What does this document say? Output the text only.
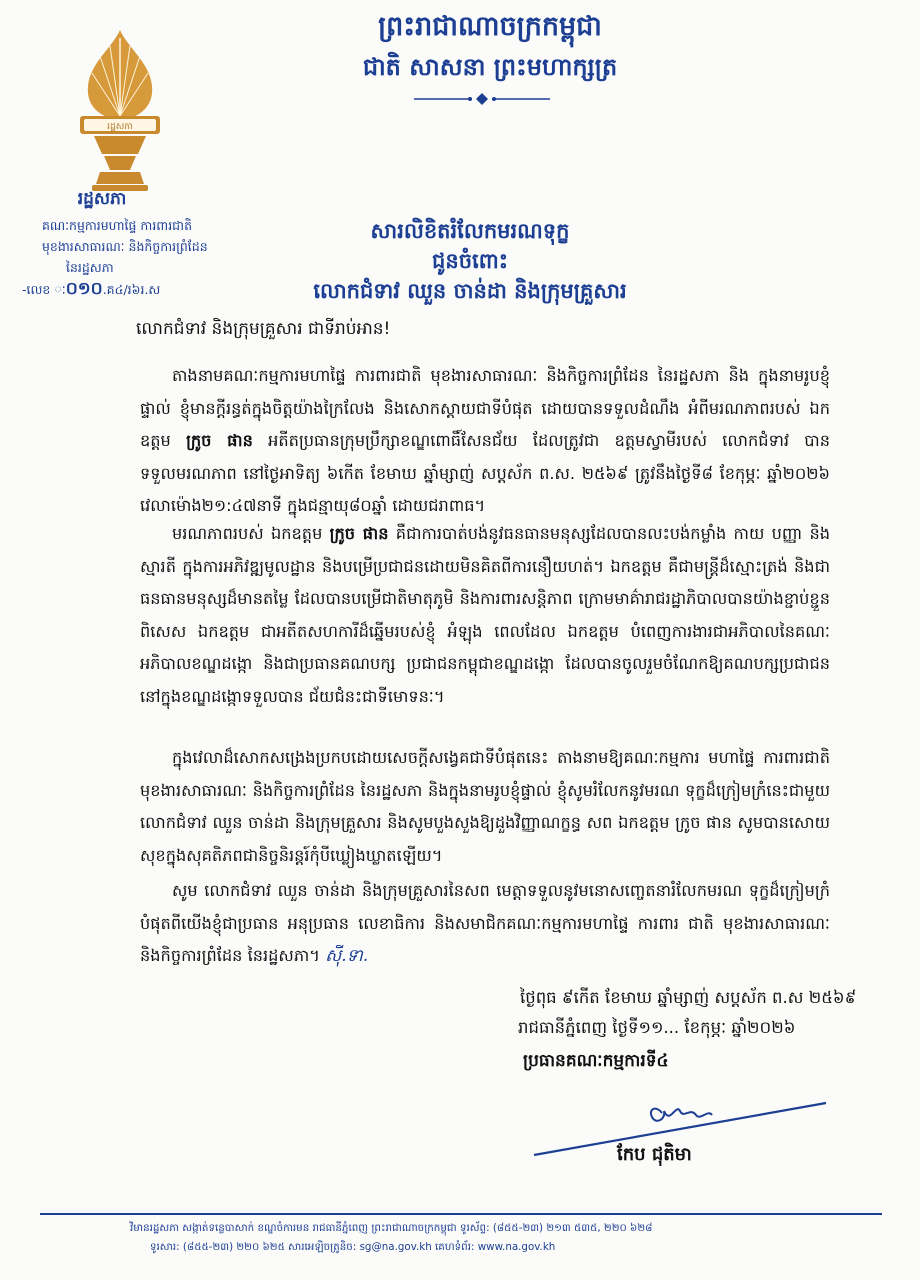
រដ្ឋសភា
ព្រះរាជាណាចក្រកម្ពុជា
ជាតិ សាសនា ព្រះមហាក្សត្រ
រដ្ឋសភា
គណៈកម្មការមហាផ្ទៃ ការពារជាតិ
មុខងារសាធារណៈ និងកិច្ចការព្រំដែន
នៃរដ្ឋសភា
-លេខ ៈ០១០.គ៤/រ៦រ.ស
សារលិខិតរំលែកមរណទុក្ខ
ជូនចំពោះ
លោកជំទាវ ឈួន ចាន់ដា និងក្រុមគ្រួសារ
លោកជំទាវ និងក្រុមគ្រួសារ ជាទីរាប់អាន!
តាងនាមគណៈកម្មការមហាផ្ទៃ ការពារជាតិ មុខងារសាធារណៈ និងកិច្ចការព្រំដែន នៃរដ្ឋសភា និង ក្នុងនាមរូបខ្ញុំផ្ទាល់ ខ្ញុំមានក្ដីរន្ធត់ក្នុងចិត្តយ៉ាងក្រៃលែង និងសោកស្ដាយជាទីបំផុត ដោយបានទទួលដំណឹង អំពីមរណភាពរបស់ ឯកឧត្តម ក្រូច ផាន អតីតប្រធានក្រុមប្រឹក្សាខណ្ឌពោធិ៍សែនជ័យ ដែលត្រូវជា ឧត្តមស្វាមីរបស់ លោកជំទាវ បានទទួលមរណភាព នៅថ្ងៃអាទិត្យ ៦កេីត ខែមាឃ ឆ្នាំម្សាញ់ សប្តស័ក ព.ស. ២៥៦៩ ត្រូវនឹងថ្ងៃទី៨ ខែកុម្ភៈ ឆ្នាំ២០២៦ វេលាម៉ោង២១:៤៧នាទី ក្នុងជន្មាយុ៨០ឆ្នាំ ដោយជរាពាធ។
មរណភាពរបស់ ឯកឧត្តម ក្រូច ផាន គឺជាការបាត់បង់នូវធនធានមនុស្សដែលបានលះបង់កម្លាំង កាយ បញ្ញា និងស្មារតី ក្នុងការអភិវឌ្ឍមូលដ្ឋាន និងបម្រើប្រជាជនដោយមិនគិតពីការនឿយហត់។ ឯកឧត្តម គឺជាមន្ត្រីដ៏ស្មោះត្រង់ និងជាធនធានមនុស្សដ៏មានតម្លៃ ដែលបានបម្រើជាតិមាតុភូមិ និងការពារសន្តិភាព ក្រោមមាគ៌ារាជរដ្ឋាភិបាលបានយ៉ាងខ្ជាប់ខ្ជួន ពិសេស ឯកឧត្តម ជាអតីតសហការីដ៏ឆ្នើមរបស់ខ្ញុំ អំឡុង ពេលដែល ឯកឧត្តម បំពេញការងារជាអភិបាលនៃគណៈអភិបាលខណ្ឌដង្កោ និងជាប្រធានគណបក្ស ប្រជាជនកម្ពុជាខណ្ឌដង្កោ ដែលបានចូលរួមចំណែកឱ្យគណបក្សប្រជាជននៅក្នុងខណ្ឌដង្កោទទួលបាន ជ័យជំនះជាទីមោទនៈ។
ក្នុងវេលាដ៏សោកសង្រេងប្រកបដោយសេចក្ដីសង្វេគជាទីបំផុតនេះ តាងនាមឱ្យគណៈកម្មការ មហាផ្ទៃ ការពារជាតិ មុខងារសាធារណៈ និងកិច្ចការព្រំដែន នៃរដ្ឋសភា និងក្នុងនាមរូបខ្ញុំផ្ទាល់ ខ្ញុំសូមរំលែកនូវមរណ ទុក្ខដ៏ក្រៀមក្រំនេះជាមួយ លោកជំទាវ ឈួន ចាន់ដា និងក្រុមគ្រួសារ និងសូមបួងសួងឱ្យដួងវិញ្ញាណក្ខន្ធ សព ឯកឧត្តម ក្រូច ផាន សូមបានសោយសុខក្នុងសុគតិភពជានិច្ចនិរន្តរ៍កុំបីឃ្លៀងឃ្លាតឡើយ។
សូម លោកជំទាវ ឈួន ចាន់ដា និងក្រុមគ្រួសារនៃសព មេត្តាទទួលនូវមនោសញ្ចេតនារំលែកមរណ ទុក្ខដ៏ក្រៀមក្រំបំផុតពីយេីងខ្ញុំជាប្រធាន អនុប្រធាន លេខាធិការ និងសមាជិកគណៈកម្មការមហាផ្ទៃ ការពារ ជាតិ មុខងារសាធារណៈ និងកិច្ចការព្រំដែន នៃរដ្ឋសភា។ ស៊ី.ទា.
ថ្ងៃពុធ ៩កេីត ខែមាឃ ឆ្នាំម្សាញ់ សប្តស័ក ព.ស ២៥៦៩
រាជធានីភ្នំពេញ ថ្ងៃទី១១... ខែកុម្ភៈ ឆ្នាំ២០២៦
ប្រធានគណៈកម្មការទី៤
កែប ជុតិមា
វិមានរដ្ឋសភា សង្កាត់ទន្លេបាសាក់ ខណ្ឌចំការមន រាជធានីភ្នំពេញ ព្រះរាជាណាចក្រកម្ពុជា ទូរស័ព្ទ: (៨៥៥-២៣) ២១៣ ៥៣៥, ២២០ ៦២៨
ទូរសារ: (៨៥៥-២៣) ២២០ ៦២៥ សារអេឡិចត្រូនិច: sg@na.gov.kh គេហទំព័រ: www.na.gov.kh
